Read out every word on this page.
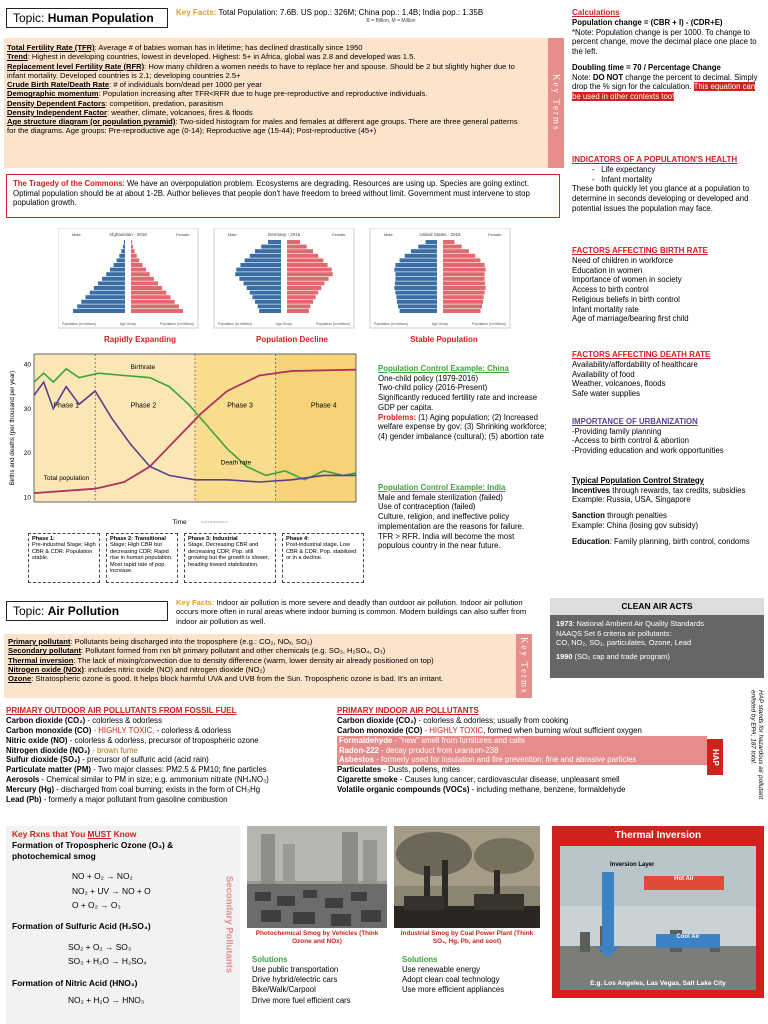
Topic: Human Population	Key Facts: Total Population: 7.6B. US pop.: 326M; China pop.: 1.4B; India pop.: 1.35B
B = Billion, M = Million
Total Fertility Rate (TFR): Average # of babies woman has in lifetime; has declined drastically since 1950
Trend: Highest in developing countries, lowest in developed. Highest: 5+ in Africa, global was 2.8 and developed was 1.5.
Replacement level Fertility Rate (RFR): How many children a women needs to have to replace her and spouse. Should be 2 but slightly higher due to infant mortality. Developed countries is 2.1; developing countries 2.5+
Crude Birth Rate/Death Rate: # of individuals born/dead per 1000 per year
Demographic momentum: Population increasing after TFR<RFR due to huge pre-reproductive and reproductive individuals.
Density Dependent Factors: competition, predation, parasitism
Density Independent Factor: weather, climate, volcanoes, fires & floods
Age structure diagram (or population pyramid): Two-sided histogram for males and females at different age groups. There are three general patterns for the diagrams. Age groups: Pre-reproductive age (0-14); Reproductive age (15-44); Post-reproductive (45+)	Key Terms
The Tragedy of the Commons: We have an overpopulation problem. Ecosystems are degrading. Resources are using up. Species are going extinct. Optimal population should be at about 1-2B. Author believes that people don't have freedom to breed without limit. Government must intervene to stop population growth.
Afghanistan - 2016
Male	Female
Population (in millions)	Age Group	Population (in millions)
Germany - 2016
Male	Female
Population (in millions)	Age Group	Population (in millions)
United States - 2016
Male	Female
Population (in millions)	Age Group	Population (in millions)
Rapidly Expanding	Population Decline	Stable Population
Births and deaths (per thousand per year)
40
30
20
10
Phase 1	Phase 2	Phase 3	Phase 4
Birthrate
Death rate
Total population
Time
Phase 1:
Pre-industrial Stage; High CBR & CDR. Population stable.
Phase 2: Transitional
Stage; High CBR but decreasing CDR; Rapid rise in human population. Most rapid rate of pop. increase.
Phase 3: Industrial
Stage. Decreasing CBR and decreasing CDR; Pop. still growing but the growth is slower, heading toward stabilization.
Phase 4:
Post-industrial stage. Low CBR & CDR. Pop. stabilized or in a decline.
Population Control Example: China
One-child policy (1979-2016)
Two-child policy (2016-Present)
Significantly reduced fertility rate and increase GDP per capita.
Problems: (1) Aging population; (2) Increased welfare expense by gov; (3) Shrinking workforce; (4) gender imbalance (cultural); (5) abortion rate
Population Control Example: India
Male and female sterilization (failed)
Use of contraception (failed)
Culture, religion, and ineffective policy implementation are the reasons for failure.
TFR > RFR. India will become the most populous country in the near future.
Calculations
Population change = (CBR + I) - (CDR+E)
*Note: Population change is per 1000. To change to percent change, move the decimal place one place to the left.
Doubling time = 70 / Percentage Change
Note: DO NOT change the percent to decimal. Simply drop the % sign for the calculation. This equation can be used in other contexts too!
INDICATORS OF A POPULATION'S HEALTH
-   Life expectancy
-   Infant mortality
These both quickly let you glance at a population to determine in seconds developing or developed and potential issues the population may face.
FACTORS AFFECTING BIRTH RATE
Need of children in workforce
Education in women
Importance of women in society
Access to birth control
Religious beliefs in birth control
Infant mortality rate
Age of marriage/bearing first child
FACTORS AFFECTING DEATH RATE
Availability/affordability of healthcare
Availability of food
Weather, volcanoes, floods
Safe water supplies
IMPORTANCE OF URBANIZATION
-Providing family planning
-Access to birth control & abortion
-Providing education and work opportunities
Typical Population Control Strategy
Incentives through rewards, tax credits, subsidies
Example: Russia, USA, Singapore
Sanction through penalties
Example: China (losing gov subsidy)
Education: Family planning, birth control, condoms
Topic: Air Pollution
Key Facts: Indoor air pollution is more severe and deadly than outdoor air pollution. Indoor air pollution occurs more often in rural areas where indoor burning is common. Modern buildings can also suffer from indoor air pollution as well.
Primary pollutant: Pollutants being discharged into the troposphere (e.g.: CO₂, NOₓ, SO₂)
Secondary pollutant: Pollutant formed from rxn b/t primary pollutant and other chemicals (e.g. SO₃, H₂SO₄, O₃)
Thermal inversion: The lack of mixing/convection due to density difference (warm, lower density air already positioned on top)
Nitrogen oxide (NOx): includes nitric oxide (NO) and nitrogen dioxide (NO₂)
Ozone: Stratospheric ozone is good. It helps block harmful UVA and UVB from the Sun. Tropospheric ozone is bad. It's an irritant.	Key Terms
CLEAN AIR ACTS
1973: National Ambient Air Quality Standards
NAAQS Set 6 criteria air pollutants:
CO, NO₂, SO₂, particulates, Ozone, Lead
1990 (SO₂ cap and trade program)
PRIMARY OUTDOOR AIR POLLUTANTS FROM FOSSIL FUEL
Carbon dioxide (CO₂) - colorless & odorless
Carbon monoxide (CO) - HIGHLY TOXIC, - colorless & odorless
Nitric oxide (NO) - colorless & odorless, precursor of tropospheric ozone
Nitrogen dioxide (NO₂) - brown fume
Sulfur dioxide (SO₂) - precursor of sulfuric acid (acid rain)
Particulate matter (PM) - Two major classes: PM2.5 & PM10; fine particles
Aerosols - Chemical similar to PM in size; e.g. ammonium nitrate (NH₄NO₃)
Mercury (Hg) - discharged from coal burning; exists in the form of CH₃Hg
Lead (Pb) - formerly a major pollutant from gasoline combustion
PRIMARY INDOOR AIR POLLUTANTS
Carbon dioxide (CO₂) - colorless & odorless; usually from cooking
Carbon monoxide (CO) - HIGHLY TOXIC, formed when burning w/out sufficient oxygen
Formaldehyde - "new" smell from furnitures and calls
Radon-222 - decay product from uranium-238
Asbestos - formerly used for insulation and fire prevention; fine and abrasive particles
Particulates - Dusts, pollens, mites
Cigarette smoke - Causes lung cancer, cardiovascular disease, unpleasant smell
Volatile organic compounds (VOCs) - including methane, benzene, formaldehyde
HAP	HAP stands for hazardous air pollutant enlisted by EPA; 187 total.
Key Rxns that You MUST Know
Formation of Tropospheric Ozone (O₃) & photochemical smog
NO + O₂ → NO₂
NO₂ + UV → NO + O
O + O₂ → O₃
Formation of Sulfuric Acid (H₂SO₄)
SO₂ + O₂ → SO₃
SO₃ + H₂O → H₂SO₄
Formation of Nitric Acid (HNO₃)
NO₂ + H₂O → HNO₃
Secondary Pollutants	Photochemical Smog by Vehicles (Think Ozone and NOx)
Industrial Smog by Coal Power Plant (Think SO₂, Hg, Pb, and soot)
Solutions
Use public transportation
Drive hybrid/electric cars
Bike/Walk/Carpool
Drive more fuel efficient cars
Solutions
Use renewable energy
Adopt clean coal technology
Use more efficient appliances
Thermal Inversion
Inversion Layer
Hot Air
Cool Air
E.g. Los Angeles, Las Vegas, Salt Lake City
